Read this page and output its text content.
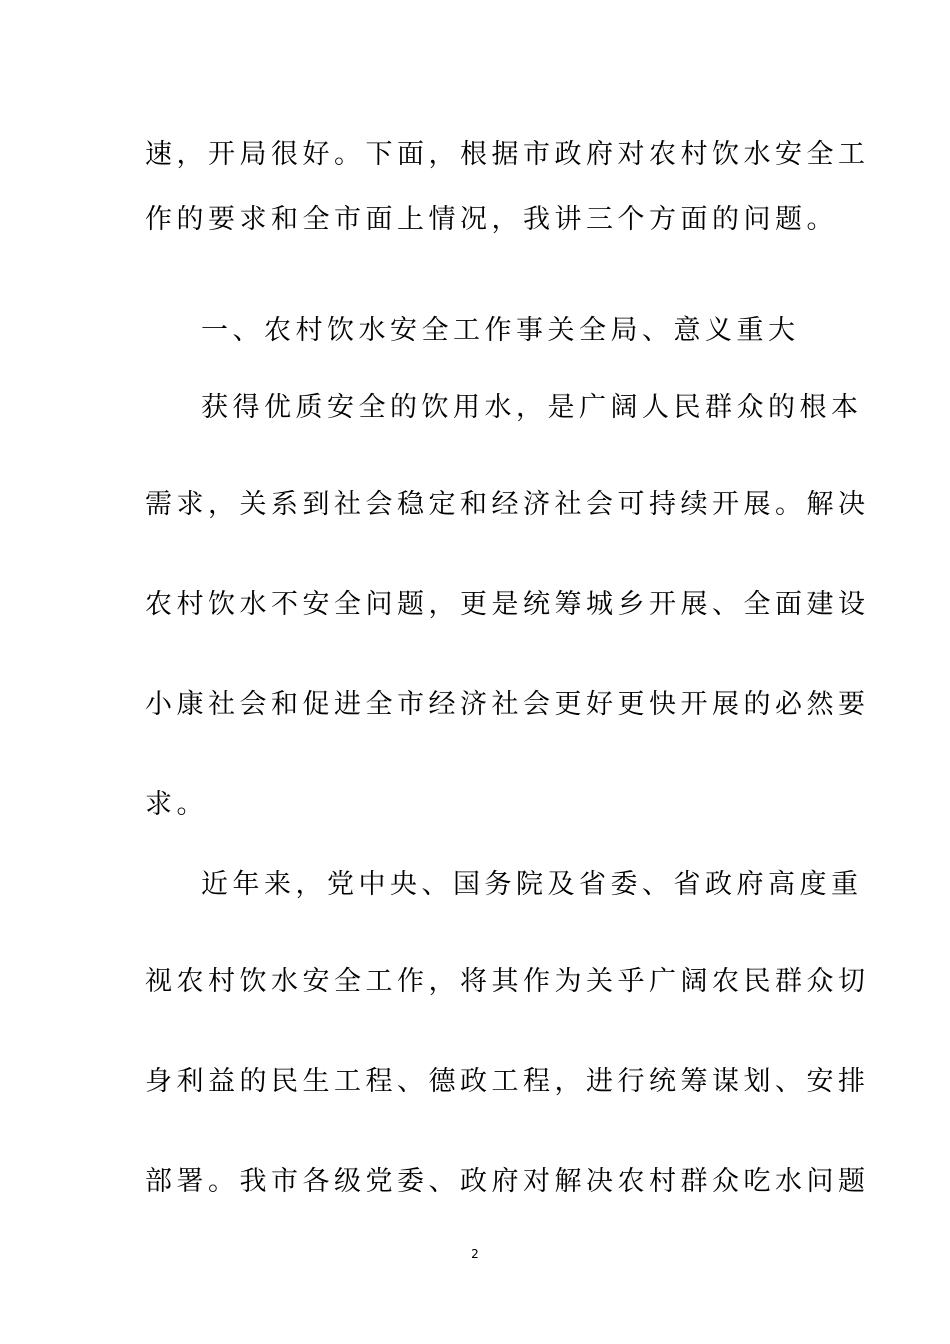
速，开局很好。下面，根据市政府对农村饮水安全工
作的要求和全市面上情况，我讲三个方面的问题。
一、农村饮水安全工作事关全局、意义重大
获得优质安全的饮用水，是广阔人民群众的根本
需求，关系到社会稳定和经济社会可持续开展。解决
农村饮水不安全问题，更是统筹城乡开展、全面建设
小康社会和促进全市经济社会更好更快开展的必然要
求。
近年来，党中央、国务院及省委、省政府高度重
视农村饮水安全工作，将其作为关乎广阔农民群众切
身利益的民生工程、德政工程，进行统筹谋划、安排
部署。我市各级党委、政府对解决农村群众吃水问题
2
